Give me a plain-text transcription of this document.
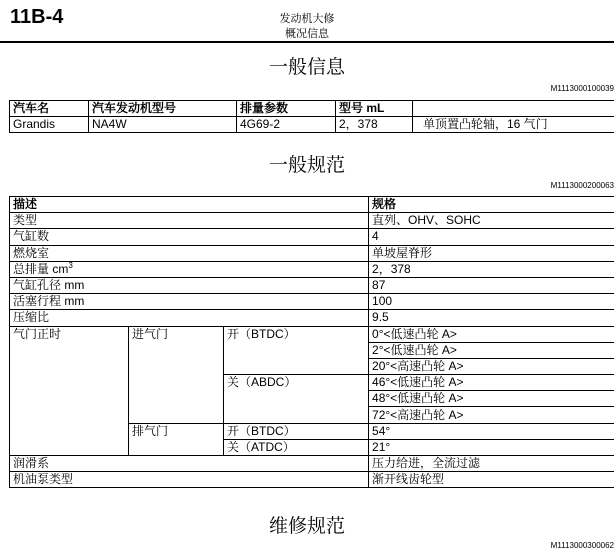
11B-4	发动机大修
概况信息
一般信息
M1113000100039
汽车名	汽车发动机型号	排量参数	型号 mL	
Grandis	NA4W	4G69-2	2，378	单顶置凸轮轴，16 气门
一般规范
M1113000200063
描述			规格
类型			直列、OHV、SOHC
气缸数			4
燃烧室			单坡屋脊形
总排量 $cm^3$			2，378
气缸孔径 mm			87
活塞行程 mm			100
压缩比			9.5
气门正时	进气门	开（BTDC）	0°<低速凸轮 A>
			2°<低速凸轮 A>
			20°<高速凸轮 A>
		关（ABDC）	46°<低速凸轮 A>
			48°<低速凸轮 A>
			72°<高速凸轮 A>
	排气门	开（BTDC）	54°
		关（ATDC）	21°
润滑系			压力给进，全流过滤
机油泵类型			渐开线齿轮型
维修规范
M1113000300062
